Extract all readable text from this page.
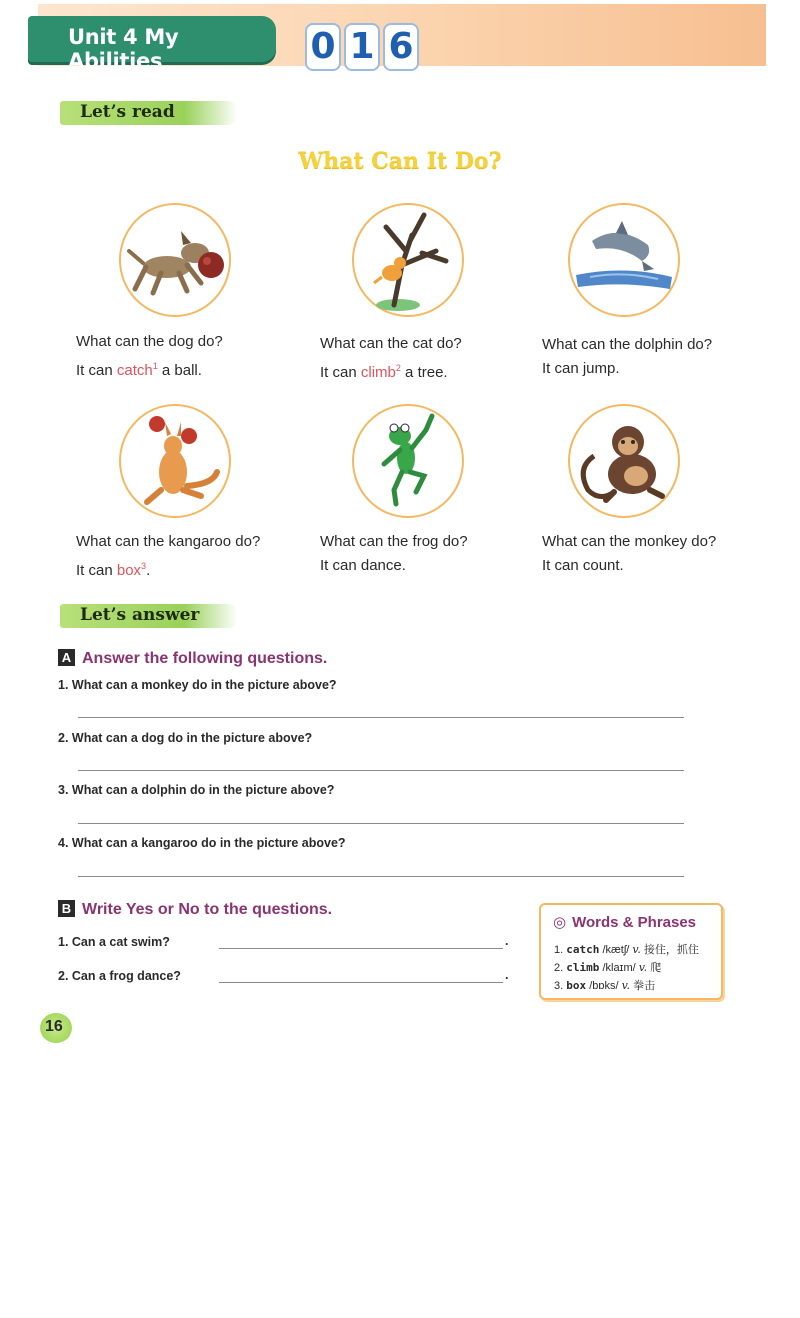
Unit 4 My Abilities	0 1 6
Let’s read
What Can It Do?
What can the dog do?
It can catch$^1$ a ball.
What can the cat do?
It can climb$^2$ a tree.
What can the dolphin do?
It can jump.
What can the kangaroo do?
It can box$^3$.
What can the frog do?
It can dance.
What can the monkey do?
It can count.
Let’s answer
A Answer the following questions.
1. What can a monkey do in the picture above?
2. What can a dog do in the picture above?
3. What can a dolphin do in the picture above?
4. What can a kangaroo do in the picture above?
B Write Yes or No to the questions.
1. Can a cat swim?	.
2. Can a frog dance?	.
◎ Words & Phrases
1. catch /kætʃ/ v. 接住，抓住
2. climb /klaɪm/ v. 爬
3. box /bɒks/ v. 拳击
16
